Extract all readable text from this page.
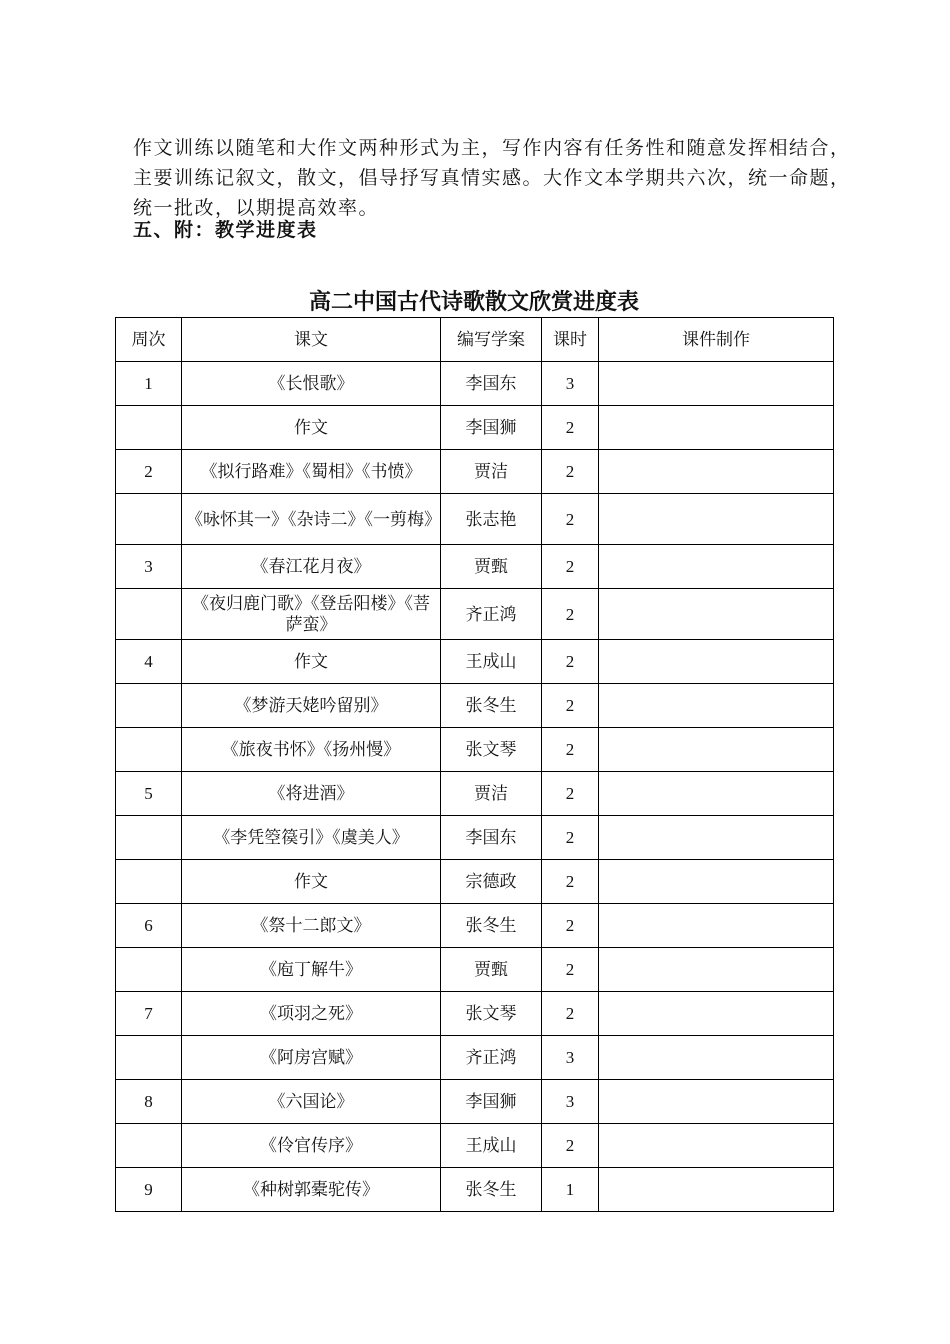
作文训练以随笔和大作文两种形式为主，写作内容有任务性和随意发挥相结合，主要训练记叙文，散文，倡导抒写真情实感。大作文本学期共六次，统一命题，统一批改，以期提高效率。

五、附：教学进度表
高二中国古代诗歌散文欣赏进度表
周次	课文	编写学案	课时	课件制作
1	《长恨歌》	李国东	3	
	作文	李国狮	2	
2	《拟行路难》《蜀相》《书愤》	贾洁	2	
	《咏怀其一》《杂诗二》《一剪梅》	张志艳	2	
3	《春江花月夜》	贾甄	2	
	《夜归鹿门歌》《登岳阳楼》《菩萨蛮》	齐正鸿	2	
4	作文	王成山	2	
	《梦游天姥吟留别》	张冬生	2	
	《旅夜书怀》《扬州慢》	张文琴	2	
5	《将进酒》	贾洁	2	
	《李凭箜篌引》《虞美人》	李国东	2	
	作文	宗德政	2	
6	《祭十二郎文》	张冬生	2	
	《庖丁解牛》	贾甄	2	
7	《项羽之死》	张文琴	2	
	《阿房宫赋》	齐正鸿	3	
8	《六国论》	李国狮	3	
	《伶官传序》	王成山	2	
9	《种树郭橐驼传》	张冬生	1	
